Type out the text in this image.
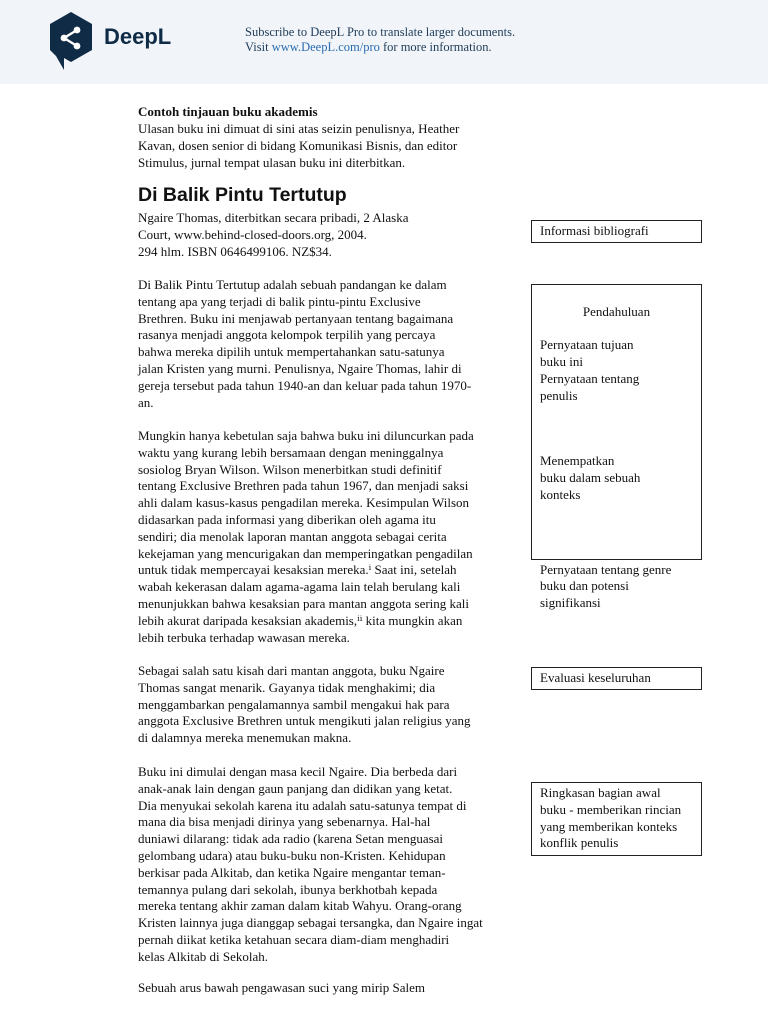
DeepL	Subscribe to DeepL Pro to translate larger documents.
Visit www.DeepL.com/pro for more information.
Contoh tinjauan buku akademis
Ulasan buku ini dimuat di sini atas seizin penulisnya, Heather
Kavan, dosen senior di bidang Komunikasi Bisnis, dan editor
Stimulus, jurnal tempat ulasan buku ini diterbitkan.
Di Balik Pintu Tertutup
Ngaire Thomas, diterbitkan secara pribadi, 2 Alaska
Court, www.behind-closed-doors.org, 2004.
294 hlm. ISBN 0646499106. NZ$34.
Di Balik Pintu Tertutup adalah sebuah pandangan ke dalam
tentang apa yang terjadi di balik pintu-pintu Exclusive
Brethren. Buku ini menjawab pertanyaan tentang bagaimana
rasanya menjadi anggota kelompok terpilih yang percaya
bahwa mereka dipilih untuk mempertahankan satu-satunya
jalan Kristen yang murni. Penulisnya, Ngaire Thomas, lahir di
gereja tersebut pada tahun 1940-an dan keluar pada tahun 1970-
an.
Mungkin hanya kebetulan saja bahwa buku ini diluncurkan pada
waktu yang kurang lebih bersamaan dengan meninggalnya
sosiolog Bryan Wilson. Wilson menerbitkan studi definitif
tentang Exclusive Brethren pada tahun 1967, dan menjadi saksi
ahli dalam kasus-kasus pengadilan mereka. Kesimpulan Wilson
didasarkan pada informasi yang diberikan oleh agama itu
sendiri; dia menolak laporan mantan anggota sebagai cerita
kekejaman yang mencurigakan dan memperingatkan pengadilan
untuk tidak mempercayai kesaksian mereka.ⁱ Saat ini, setelah
wabah kekerasan dalam agama-agama lain telah berulang kali
menunjukkan bahwa kesaksian para mantan anggota sering kali
lebih akurat daripada kesaksian akademis,ⁱⁱ kita mungkin akan
lebih terbuka terhadap wawasan mereka.
Sebagai salah satu kisah dari mantan anggota, buku Ngaire
Thomas sangat menarik. Gayanya tidak menghakimi; dia
menggambarkan pengalamannya sambil mengakui hak para
anggota Exclusive Brethren untuk mengikuti jalan religius yang
di dalamnya mereka menemukan makna.
Buku ini dimulai dengan masa kecil Ngaire. Dia berbeda dari
anak-anak lain dengan gaun panjang dan didikan yang ketat.
Dia menyukai sekolah karena itu adalah satu-satunya tempat di
mana dia bisa menjadi dirinya yang sebenarnya. Hal-hal
duniawi dilarang: tidak ada radio (karena Setan menguasai
gelombang udara) atau buku-buku non-Kristen. Kehidupan
berkisar pada Alkitab, dan ketika Ngaire mengantar teman-
temannya pulang dari sekolah, ibunya berkhotbah kepada
mereka tentang akhir zaman dalam kitab Wahyu. Orang-orang
Kristen lainnya juga dianggap sebagai tersangka, dan Ngaire ingat
pernah diikat ketika ketahuan secara diam-diam menghadiri
kelas Alkitab di Sekolah.
Sebuah arus bawah pengawasan suci yang mirip Salem
Informasi bibliografi

Pendahuluan

Pernyataan tujuan
buku ini
Pernyataan tentang
penulis

Menempatkan
buku dalam sebuah
konteks

Pernyataan tentang genre
buku dan potensi
signifikansi

Evaluasi keseluruhan
Ringkasan bagian awal
buku - memberikan rincian
yang memberikan konteks
konflik penulis
